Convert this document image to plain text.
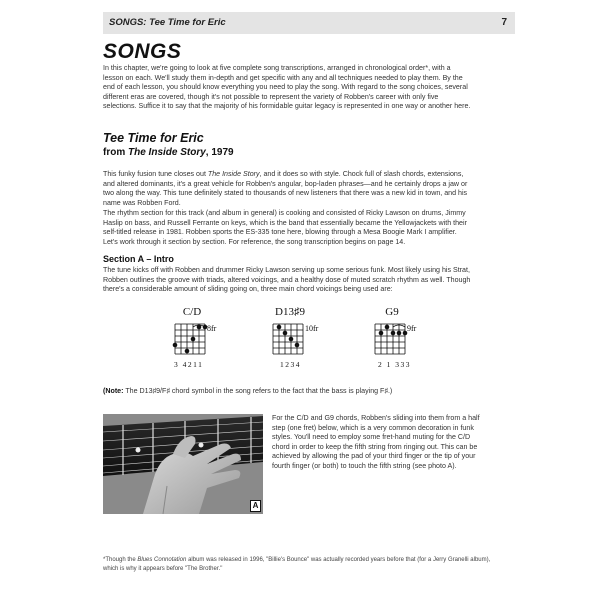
SONGS: Tee Time for Eric	7
SONGS

In this chapter, we're going to look at five complete song transcriptions, arranged in chronological order*, with a lesson on each. We'll study them in-depth and get specific with any and all techniques needed to play them. By the end of each lesson, you should know everything you need to play the song. With regard to the song choices, several different eras are covered, though it's not possible to represent the variety of Robben's career with only five selections. Suffice it to say that the majority of his formidable guitar legacy is represented in one way or another here.

Tee Time for Eric
from The Inside Story, 1979

This funky fusion tune closes out The Inside Story, and it does so with style. Chock full of slash chords, extensions, and altered dominants, it's a great vehicle for Robben's angular, bop-laden phrases—and he certainly drops a jaw or two along the way. This tune definitely stated to thousands of new listeners that there was a new kid in town, and his name was Robben Ford.

The rhythm section for this track (and album in general) is cooking and consisted of Ricky Lawson on drums, Jimmy Haslip on bass, and Russell Ferrante on keys, which is the band that essentially became the Yellowjackets with their self-titled release in 1981. Robben sports the ES-335 tone here, blowing through a Mesa Boogie Mark I amplifier. Let's work through it section by section. For reference, the song transcription begins on page 14.

Section A – Intro

The tune kicks off with Robben and drummer Ricky Lawson serving up some serious funk. Most likely using his Strat, Robben outlines the groove with triads, altered voicings, and a healthy dose of muted scratch rhythm as well. Though there's a considerable amount of sliding going on, three main chord voicings being used are:

C/D
8fr
3 4211
D13♯9
10fr
1234
G9
9fr
2 1 333

(Note: The D13♯9/F♯ chord symbol in the song refers to the fact that the bass is playing F♯.)

A

For the C/D and G9 chords, Robben's sliding into them from a half step (one fret) below, which is a very common decoration in funk styles. You'll need to employ some fret-hand muting for the C/D chord in order to keep the fifth string from ringing out. This can be achieved by allowing the pad of your third finger or the tip of your fourth finger (or both) to touch the fifth string (see photo A).

*Though the Blues Connotation album was released in 1996, "Billie's Bounce" was actually recorded years before that (for a Jerry Granelli album), which is why it appears before "The Brother."
